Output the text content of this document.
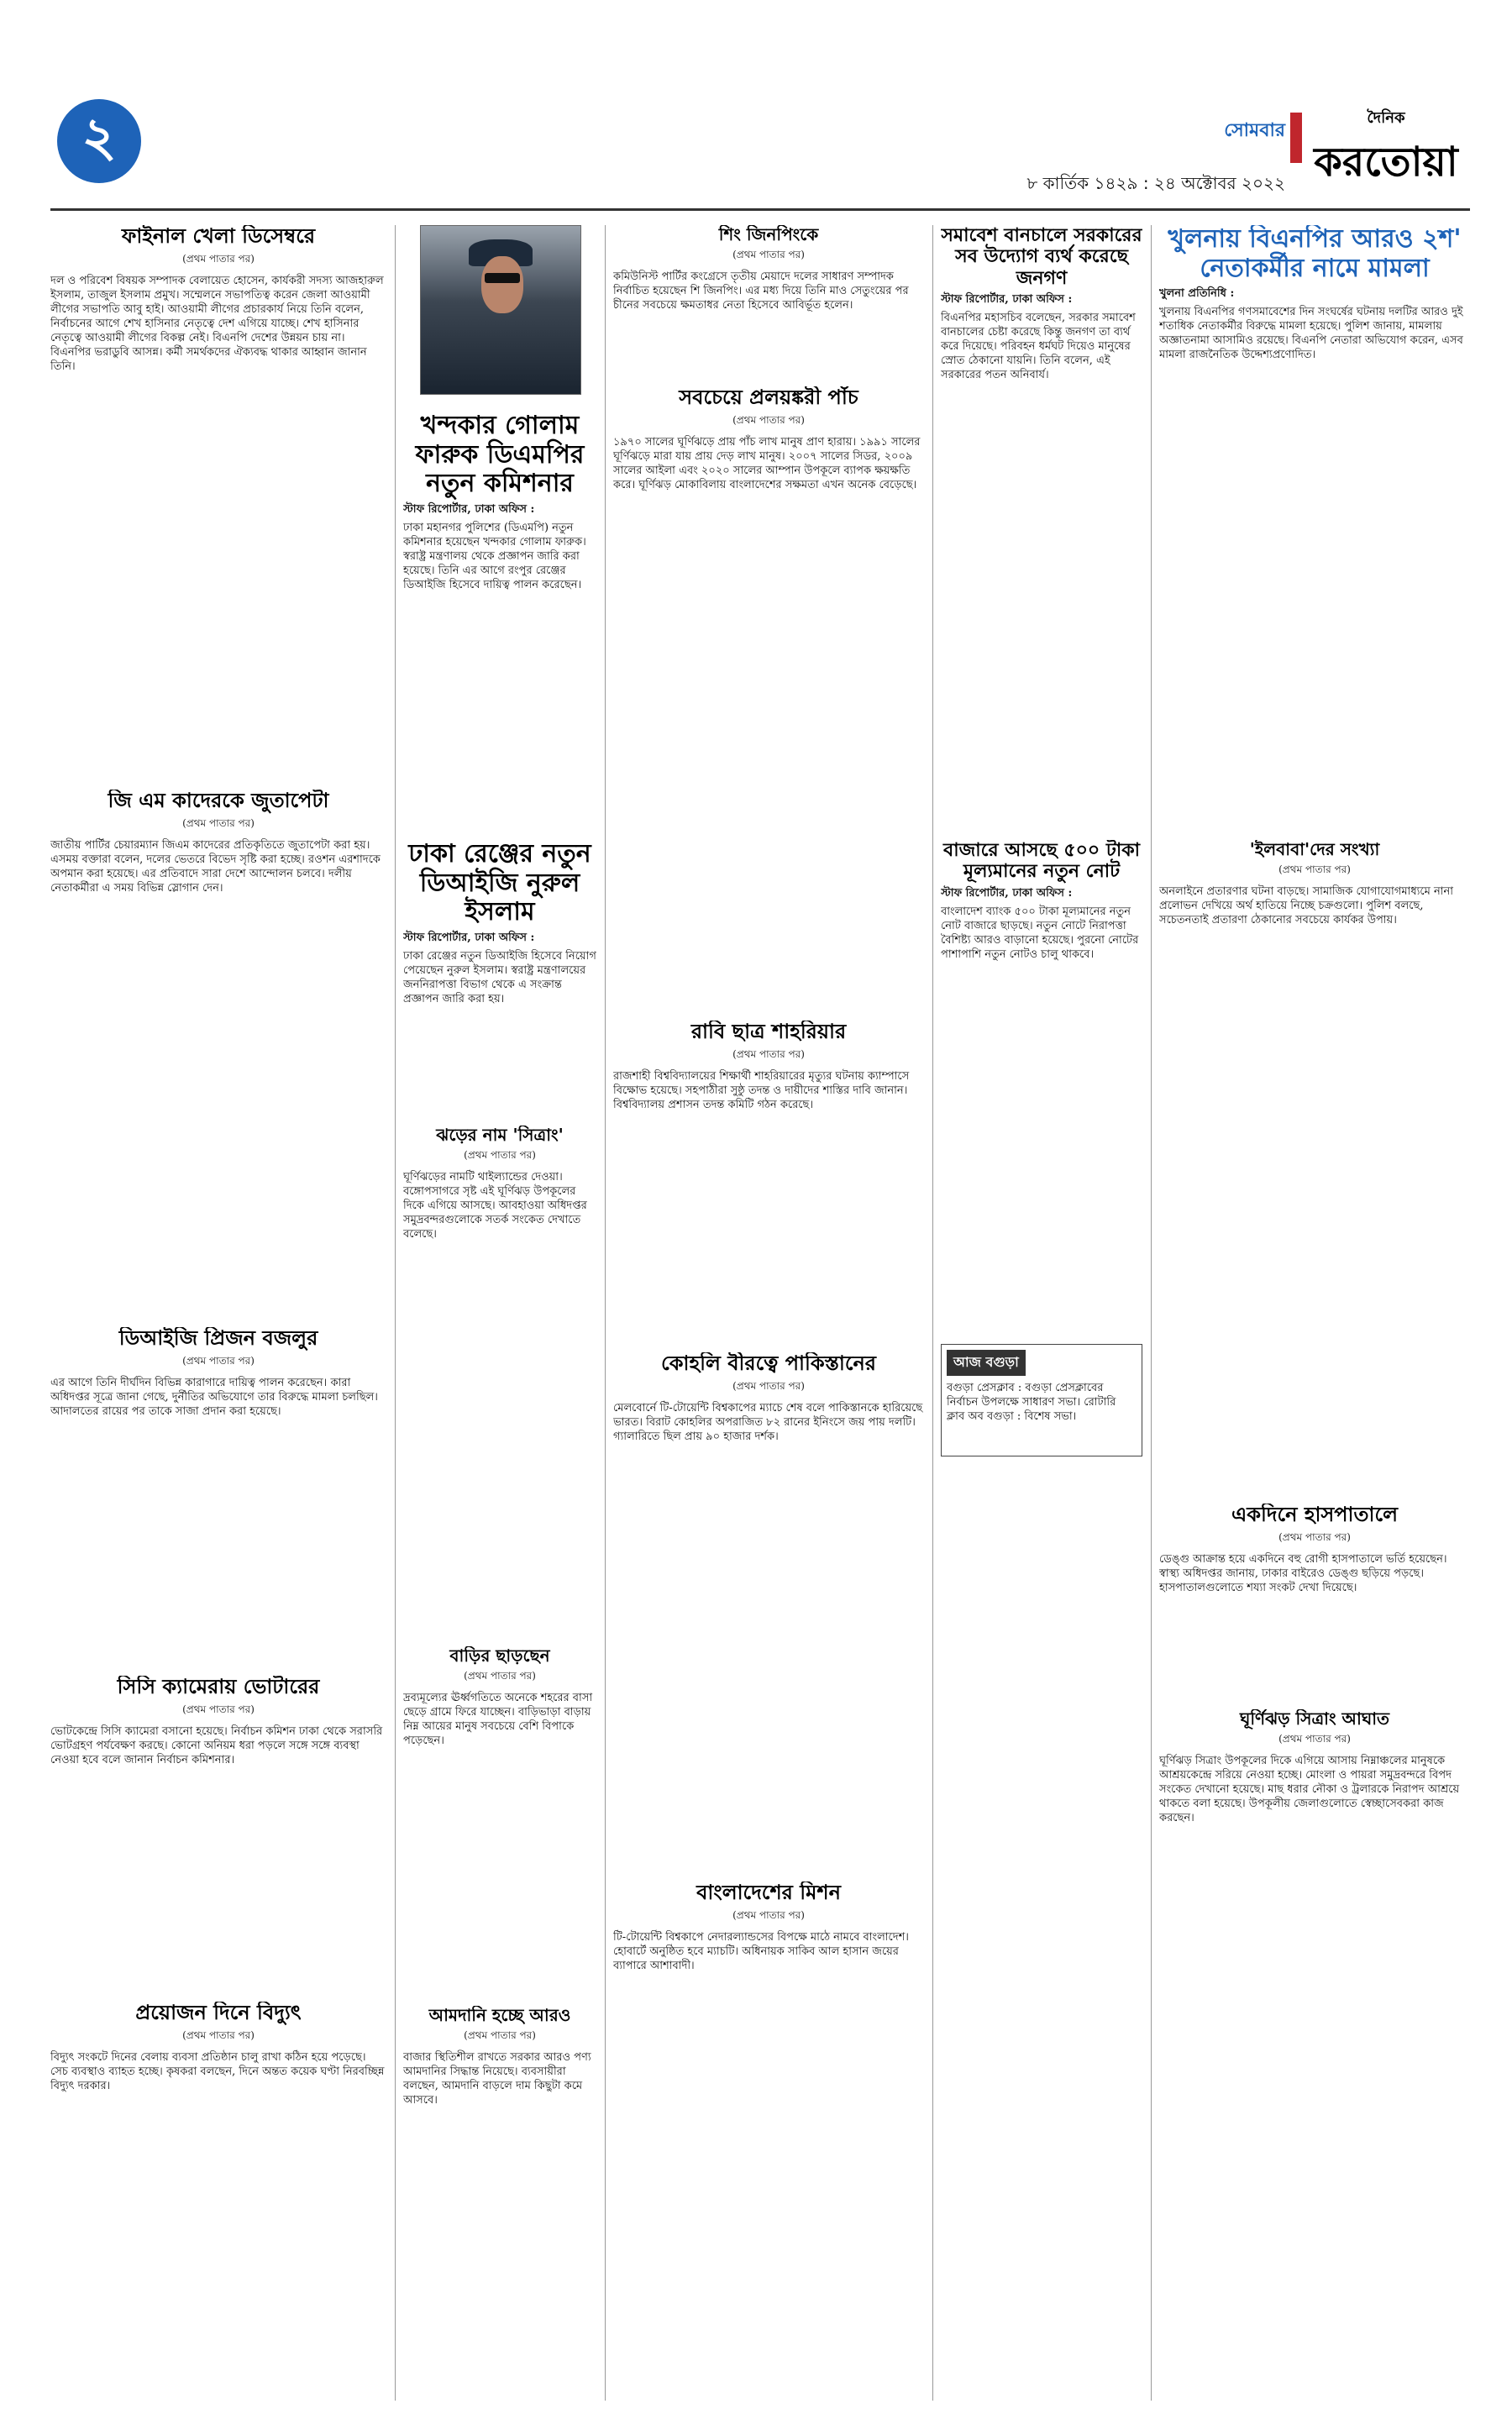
২	সোমবার
৮ কার্তিক ১৪২৯ : ২৪ অক্টোবর ২০২২
দৈনিক
করতোয়া
ফাইনাল খেলা ডিসেম্বরে
(প্রথম পাতার পর)

দল ও পরিবেশ বিষয়ক সম্পাদক বেলায়েত হোসেন, কার্যকরী সদস্য আজহারুল ইসলাম, তাজুল ইসলাম প্রমুখ। সম্মেলনে সভাপতিত্ব করেন জেলা আওয়ামী লীগের সভাপতি আবু হাই। আওয়ামী লীগের প্রচারকার্য নিয়ে তিনি বলেন, নির্বাচনের আগে শেখ হাসিনার নেতৃত্বে দেশ এগিয়ে যাচ্ছে। শেখ হাসিনার নেতৃত্বে আওয়ামী লীগের বিকল্প নেই। বিএনপি দেশের উন্নয়ন চায় না। বিএনপির ভরাডুবি আসন্ন। কর্মী সমর্থকদের ঐক্যবদ্ধ থাকার আহ্বান জানান তিনি।

জি এম কাদেরকে জুতাপেটা
(প্রথম পাতার পর)

জাতীয় পার্টির চেয়ারম্যান জিএম কাদেরের প্রতিকৃতিতে জুতাপেটা করা হয়। এসময় বক্তারা বলেন, দলের ভেতরে বিভেদ সৃষ্টি করা হচ্ছে। রওশন এরশাদকে অপমান করা হয়েছে। এর প্রতিবাদে সারা দেশে আন্দোলন চলবে। দলীয় নেতাকর্মীরা এ সময় বিভিন্ন স্লোগান দেন।

ডিআইজি প্রিজন বজলুর
(প্রথম পাতার পর)

এর আগে তিনি দীর্ঘদিন বিভিন্ন কারাগারে দায়িত্ব পালন করেছেন। কারা অধিদপ্তর সূত্রে জানা গেছে, দুর্নীতির অভিযোগে তার বিরুদ্ধে মামলা চলছিল। আদালতের রায়ের পর তাকে সাজা প্রদান করা হয়েছে।

সিসি ক্যামেরায় ভোটারের
(প্রথম পাতার পর)

ভোটকেন্দ্রে সিসি ক্যামেরা বসানো হয়েছে। নির্বাচন কমিশন ঢাকা থেকে সরাসরি ভোটগ্রহণ পর্যবেক্ষণ করছে। কোনো অনিয়ম ধরা পড়লে সঙ্গে সঙ্গে ব্যবস্থা নেওয়া হবে বলে জানান নির্বাচন কমিশনার।

প্রয়োজন দিনে বিদ্যুৎ
(প্রথম পাতার পর)

বিদ্যুৎ সংকটে দিনের বেলায় ব্যবসা প্রতিষ্ঠান চালু রাখা কঠিন হয়ে পড়েছে। সেচ ব্যবস্থাও ব্যাহত হচ্ছে। কৃষকরা বলছেন, দিনে অন্তত কয়েক ঘণ্টা নিরবচ্ছিন্ন বিদ্যুৎ দরকার।

খন্দকার গোলাম ফারুক ডিএমপির নতুন কমিশনার

স্টাফ রিপোর্টার, ঢাকা অফিস :

ঢাকা মহানগর পুলিশের (ডিএমপি) নতুন কমিশনার হয়েছেন খন্দকার গোলাম ফারুক। স্বরাষ্ট্র মন্ত্রণালয় থেকে প্রজ্ঞাপন জারি করা হয়েছে। তিনি এর আগে রংপুর রেঞ্জের ডিআইজি হিসেবে দায়িত্ব পালন করেছেন।

ঢাকা রেঞ্জের নতুন ডিআইজি নুরুল ইসলাম

স্টাফ রিপোর্টার, ঢাকা অফিস :

ঢাকা রেঞ্জের নতুন ডিআইজি হিসেবে নিয়োগ পেয়েছেন নুরুল ইসলাম। স্বরাষ্ট্র মন্ত্রণালয়ের জননিরাপত্তা বিভাগ থেকে এ সংক্রান্ত প্রজ্ঞাপন জারি করা হয়।

ঝড়ের নাম 'সিত্রাং'
(প্রথম পাতার পর)

ঘূর্ণিঝড়ের নামটি থাইল্যান্ডের দেওয়া। বঙ্গোপসাগরে সৃষ্ট এই ঘূর্ণিঝড় উপকূলের দিকে এগিয়ে আসছে। আবহাওয়া অধিদপ্তর সমুদ্রবন্দরগুলোকে সতর্ক সংকেত দেখাতে বলেছে।

বাড়ির ছাড়ছেন
(প্রথম পাতার পর)

দ্রব্যমূল্যের ঊর্ধ্বগতিতে অনেকে শহরের বাসা ছেড়ে গ্রামে ফিরে যাচ্ছেন। বাড়িভাড়া বাড়ায় নিম্ন আয়ের মানুষ সবচেয়ে বেশি বিপাকে পড়েছেন।

আমদানি হচ্ছে আরও
(প্রথম পাতার পর)

বাজার স্থিতিশীল রাখতে সরকার আরও পণ্য আমদানির সিদ্ধান্ত নিয়েছে। ব্যবসায়ীরা বলছেন, আমদানি বাড়লে দাম কিছুটা কমে আসবে।

শিং জিনপিংকে
(প্রথম পাতার পর)

কমিউনিস্ট পার্টির কংগ্রেসে তৃতীয় মেয়াদে দলের সাধারণ সম্পাদক নির্বাচিত হয়েছেন শি জিনপিং। এর মধ্য দিয়ে তিনি মাও সেতুংয়ের পর চীনের সবচেয়ে ক্ষমতাধর নেতা হিসেবে আবির্ভূত হলেন।

সবচেয়ে প্রলয়ঙ্করী পাঁচ
(প্রথম পাতার পর)

১৯৭০ সালের ঘূর্ণিঝড়ে প্রায় পাঁচ লাখ মানুষ প্রাণ হারায়। ১৯৯১ সালের ঘূর্ণিঝড়ে মারা যায় প্রায় দেড় লাখ মানুষ। ২০০৭ সালের সিডর, ২০০৯ সালের আইলা এবং ২০২০ সালের আম্পান উপকূলে ব্যাপক ক্ষয়ক্ষতি করে। ঘূর্ণিঝড় মোকাবিলায় বাংলাদেশের সক্ষমতা এখন অনেক বেড়েছে।

রাবি ছাত্র শাহরিয়ার
(প্রথম পাতার পর)

রাজশাহী বিশ্ববিদ্যালয়ের শিক্ষার্থী শাহরিয়ারের মৃত্যুর ঘটনায় ক্যাম্পাসে বিক্ষোভ হয়েছে। সহপাঠীরা সুষ্ঠু তদন্ত ও দায়ীদের শাস্তির দাবি জানান। বিশ্ববিদ্যালয় প্রশাসন তদন্ত কমিটি গঠন করেছে।

কোহলি বীরত্বে পাকিস্তানের
(প্রথম পাতার পর)

মেলবোর্নে টি-টোয়েন্টি বিশ্বকাপের ম্যাচে শেষ বলে পাকিস্তানকে হারিয়েছে ভারত। বিরাট কোহলির অপরাজিত ৮২ রানের ইনিংসে জয় পায় দলটি। গ্যালারিতে ছিল প্রায় ৯০ হাজার দর্শক।

বাংলাদেশের মিশন
(প্রথম পাতার পর)

টি-টোয়েন্টি বিশ্বকাপে নেদারল্যান্ডসের বিপক্ষে মাঠে নামবে বাংলাদেশ। হোবার্টে অনুষ্ঠিত হবে ম্যাচটি। অধিনায়ক সাকিব আল হাসান জয়ের ব্যাপারে আশাবাদী।

সমাবেশ বানচালে সরকারের সব উদ্যোগ ব্যর্থ করেছে জনগণ

স্টাফ রিপোর্টার, ঢাকা অফিস :

বিএনপির মহাসচিব বলেছেন, সরকার সমাবেশ বানচালের চেষ্টা করেছে কিন্তু জনগণ তা ব্যর্থ করে দিয়েছে। পরিবহন ধর্মঘট দিয়েও মানুষের স্রোত ঠেকানো যায়নি। তিনি বলেন, এই সরকারের পতন অনিবার্য।

বাজারে আসছে ৫০০ টাকা মূল্যমানের নতুন নোট

স্টাফ রিপোর্টার, ঢাকা অফিস :

বাংলাদেশ ব্যাংক ৫০০ টাকা মূল্যমানের নতুন নোট বাজারে ছাড়ছে। নতুন নোটে নিরাপত্তা বৈশিষ্ট্য আরও বাড়ানো হয়েছে। পুরনো নোটের পাশাপাশি নতুন নোটও চালু থাকবে।

আজ বগুড়া

বগুড়া প্রেসক্লাব : বগুড়া প্রেসক্লাবের নির্বাচন উপলক্ষে সাধারণ সভা। রোটারি ক্লাব অব বগুড়া : বিশেষ সভা।

খুলনায় বিএনপির আরও ২শ' নেতাকর্মীর নামে মামলা

খুলনা প্রতিনিধি :

খুলনায় বিএনপির গণসমাবেশের দিন সংঘর্ষের ঘটনায় দলটির আরও দুই শতাধিক নেতাকর্মীর বিরুদ্ধে মামলা হয়েছে। পুলিশ জানায়, মামলায় অজ্ঞাতনামা আসামিও রয়েছে। বিএনপি নেতারা অভিযোগ করেন, এসব মামলা রাজনৈতিক উদ্দেশ্যপ্রণোদিত।

'ইলবাবা'দের সংখ্যা
(প্রথম পাতার পর)

অনলাইনে প্রতারণার ঘটনা বাড়ছে। সামাজিক যোগাযোগমাধ্যমে নানা প্রলোভন দেখিয়ে অর্থ হাতিয়ে নিচ্ছে চক্রগুলো। পুলিশ বলছে, সচেতনতাই প্রতারণা ঠেকানোর সবচেয়ে কার্যকর উপায়।

একদিনে হাসপাতালে
(প্রথম পাতার পর)

ডেঙ্গু আক্রান্ত হয়ে একদিনে বহু রোগী হাসপাতালে ভর্তি হয়েছেন। স্বাস্থ্য অধিদপ্তর জানায়, ঢাকার বাইরেও ডেঙ্গু ছড়িয়ে পড়ছে। হাসপাতালগুলোতে শয্যা সংকট দেখা দিয়েছে।

ঘূর্ণিঝড় সিত্রাং আঘাত
(প্রথম পাতার পর)

ঘূর্ণিঝড় সিত্রাং উপকূলের দিকে এগিয়ে আসায় নিম্নাঞ্চলের মানুষকে আশ্রয়কেন্দ্রে সরিয়ে নেওয়া হচ্ছে। মোংলা ও পায়রা সমুদ্রবন্দরে বিপদ সংকেত দেখানো হয়েছে। মাছ ধরার নৌকা ও ট্রলারকে নিরাপদ আশ্রয়ে থাকতে বলা হয়েছে। উপকূলীয় জেলাগুলোতে স্বেচ্ছাসেবকরা কাজ করছেন।
